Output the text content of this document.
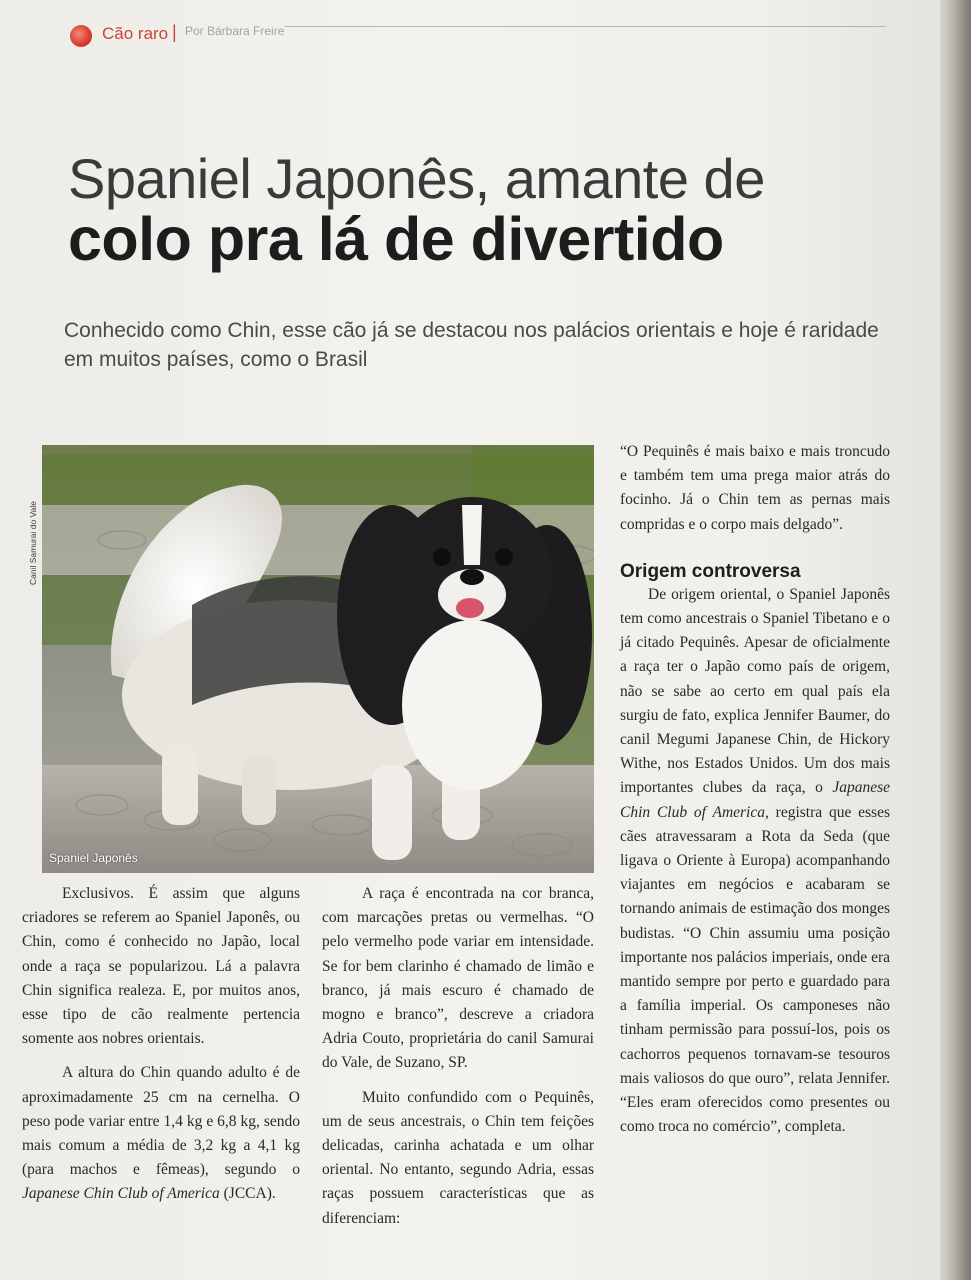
Cão raro | Por Bárbara Freire
Spaniel Japonês, amante de
colo pra lá de divertido
Conhecido como Chin, esse cão já se destacou nos palácios orientais e hoje é raridade em muitos países, como o Brasil
Canil Samurai do Vale
Spaniel Japonês

Exclusivos. É assim que alguns criadores se referem ao Spaniel Japonês, ou Chin, como é conhecido no Japão, local onde a raça se popularizou. Lá a palavra Chin significa realeza. E, por muitos anos, esse tipo de cão realmente pertencia somente aos nobres orientais.

A altura do Chin quando adulto é de aproximadamente 25 cm na cernelha. O peso pode variar entre 1,4 kg e 6,8 kg, sendo mais comum a média de 3,2 kg a 4,1 kg (para machos e fêmeas), segundo o Japanese Chin Club of America (JCCA).

A raça é encontrada na cor branca, com marcações pretas ou vermelhas. “O pelo vermelho pode variar em intensidade. Se for bem clarinho é chamado de limão e branco, já mais escuro é chamado de mogno e branco”, descreve a criadora Adria Couto, proprietária do canil Samurai do Vale, de Suzano, SP.

Muito confundido com o Pequinês, um de seus ancestrais, o Chin tem feições delicadas, carinha achatada e um olhar oriental. No entanto, segundo Adria, essas raças possuem características que as diferenciam:

“O Pequinês é mais baixo e mais troncudo e também tem uma prega maior atrás do focinho. Já o Chin tem as pernas mais compridas e o corpo mais delgado”.

Origem controversa

De origem oriental, o Spaniel Japonês tem como ancestrais o Spaniel Tibetano e o já citado Pequinês. Apesar de oficialmente a raça ter o Japão como país de origem, não se sabe ao certo em qual país ela surgiu de fato, explica Jennifer Baumer, do canil Megumi Japanese Chin, de Hickory Withe, nos Estados Unidos. Um dos mais importantes clubes da raça, o Japanese Chin Club of America, registra que esses cães atravessaram a Rota da Seda (que ligava o Oriente à Europa) acompanhando viajantes em negócios e acabaram se tornando animais de estimação dos monges budistas. “O Chin assumiu uma posição importante nos palácios imperiais, onde era mantido sempre por perto e guardado para a família imperial. Os camponeses não tinham permissão para possuí-los, pois os cachorros pequenos tornavam-se tesouros mais valiosos do que ouro”, relata Jennifer. “Eles eram oferecidos como presentes ou como troca no comércio”, completa.
